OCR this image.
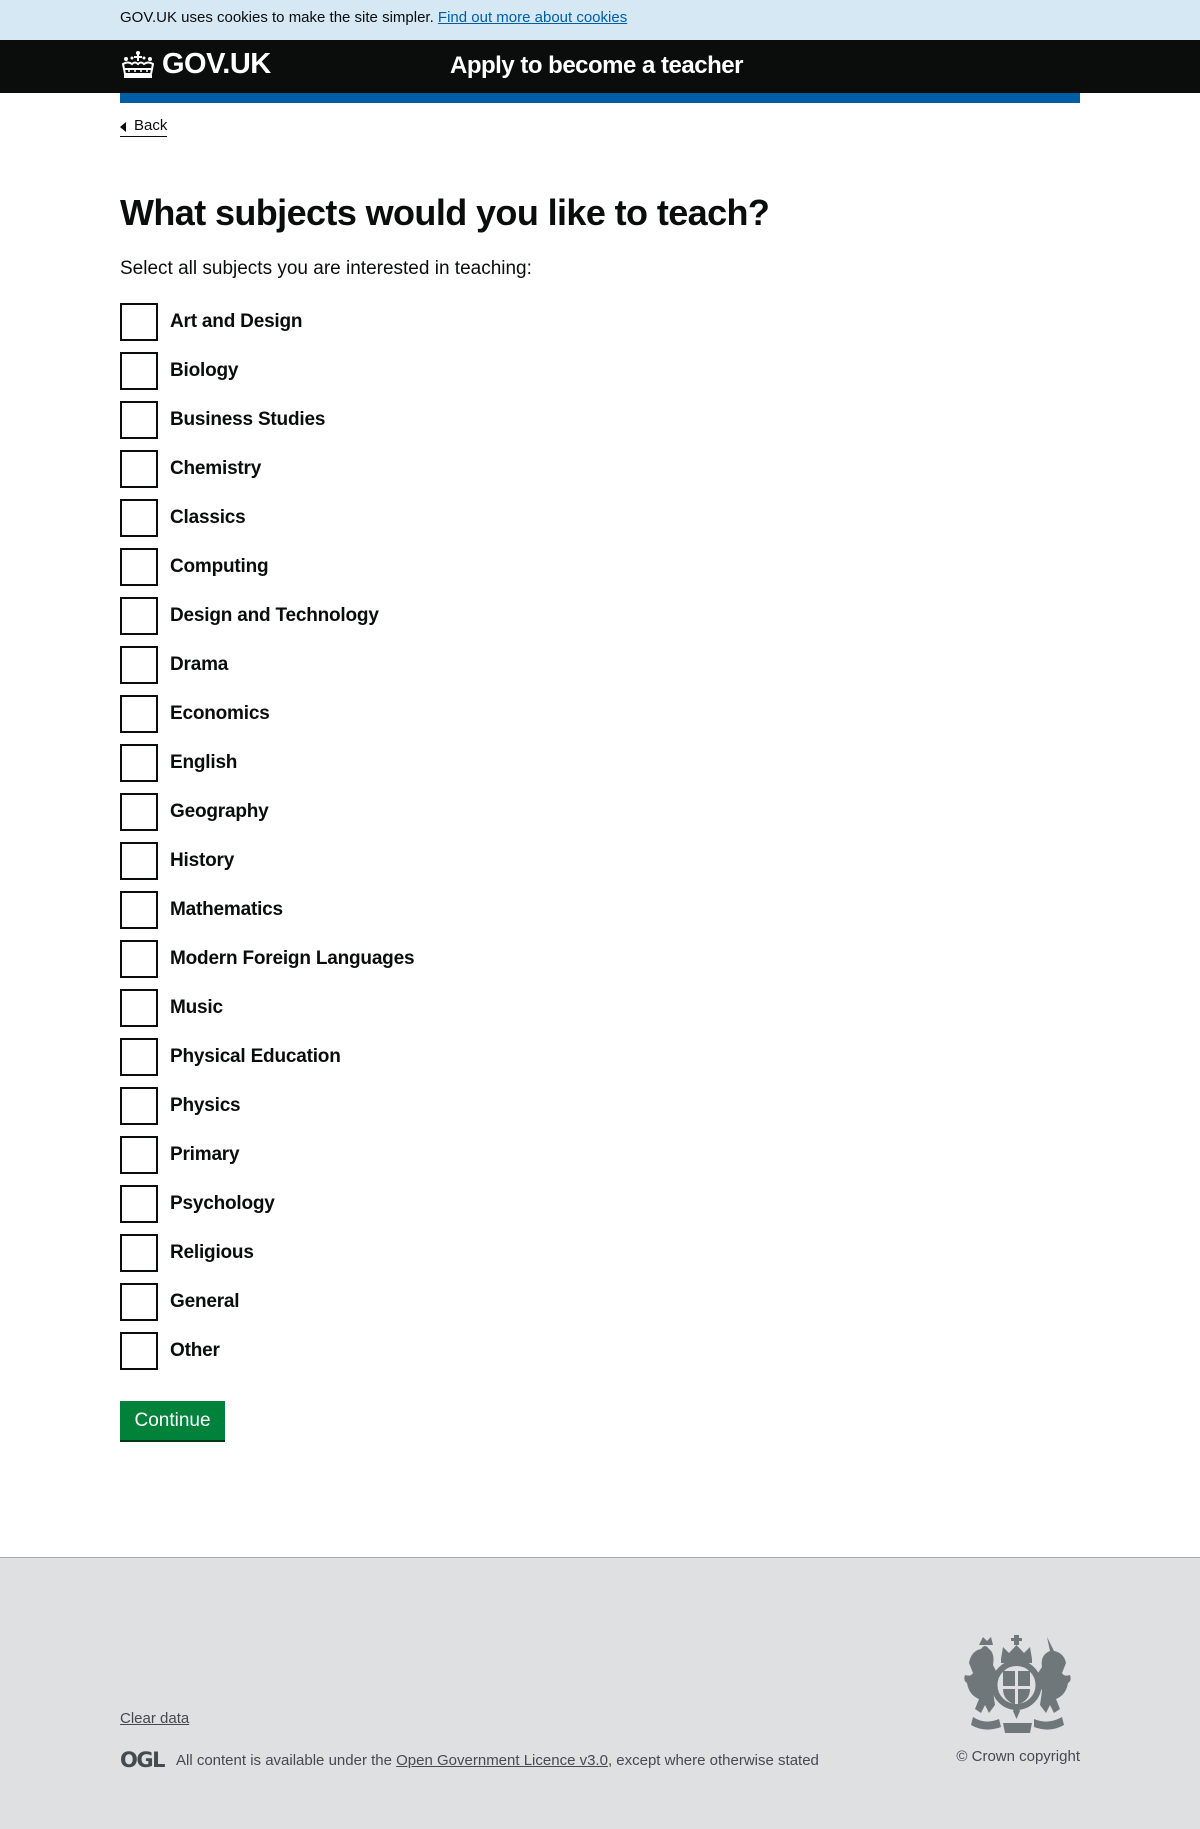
GOV.UK uses cookies to make the site simpler. Find out more about cookies
GOV.UK	Apply to become a teacher
Back
What subjects would you like to teach?

Select all subjects you are interested in teaching:

Art and Design
Biology
Business Studies
Chemistry
Classics
Computing
Design and Technology
Drama
Economics
English
Geography
History
Mathematics
Modern Foreign Languages
Music
Physical Education
Physics
Primary
Psychology
Religious
General
Other
Continue
Clear data
OGL All content is available under the
Open Government Licence v3.0 , except where otherwise stated	© Crown copyright
